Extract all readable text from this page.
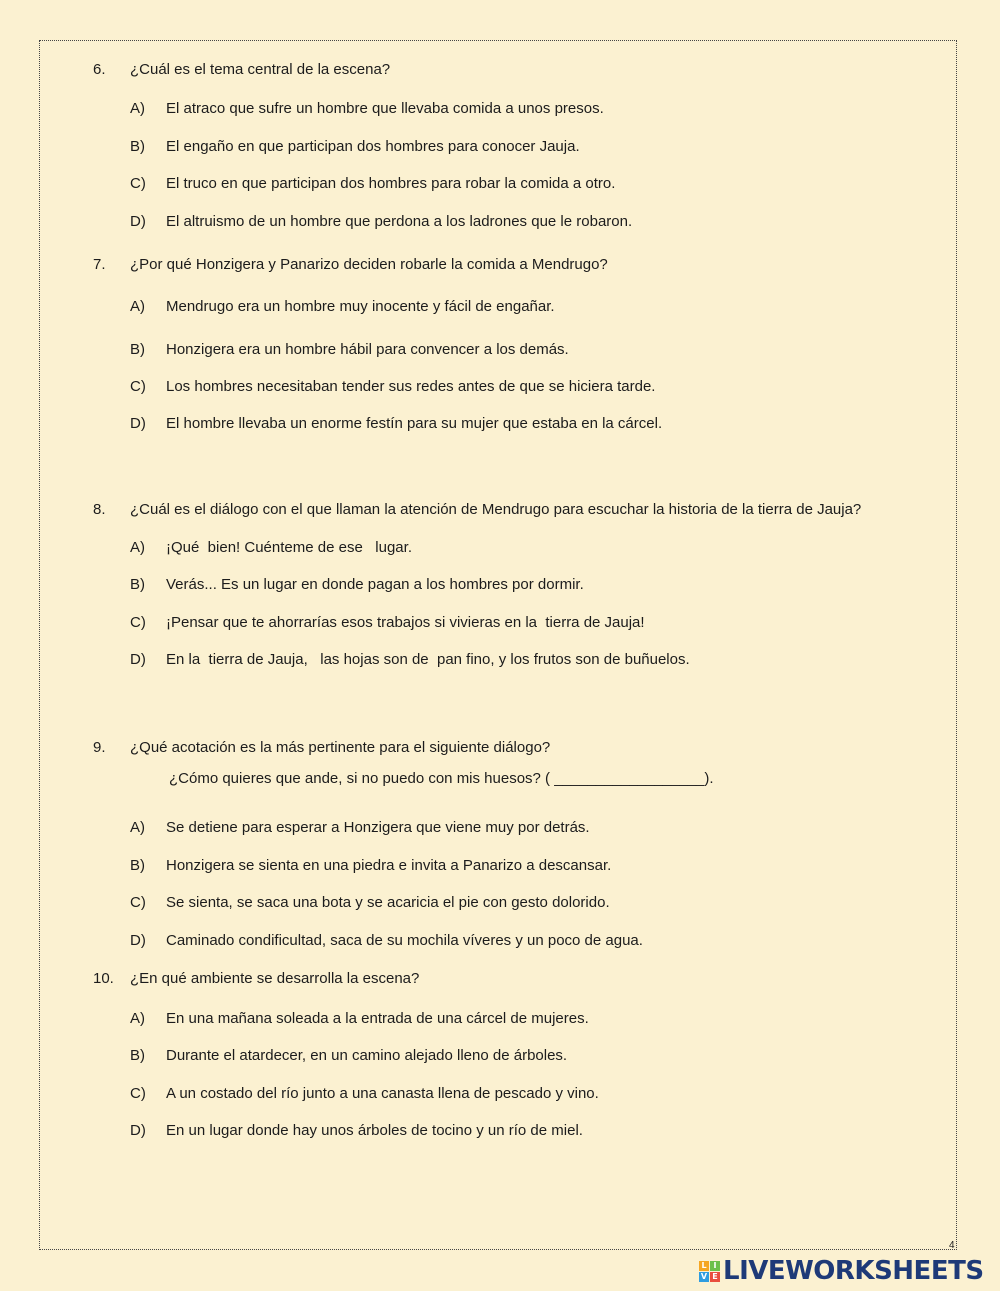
6. ¿Cuál es el tema central de la escena?
A) El atraco que sufre un hombre que llevaba comida a unos presos.
B) El engaño en que participan dos hombres para conocer Jauja.
C) El truco en que participan dos hombres para robar la comida a otro.
D) El altruismo de un hombre que perdona a los ladrones que le robaron.
7. ¿Por qué Honzigera y Panarizo deciden robarle la comida a Mendrugo?
A) Mendrugo era un hombre muy inocente y fácil de engañar.
B) Honzigera era un hombre hábil para convencer a los demás.
C) Los hombres necesitaban tender sus redes antes de que se hiciera tarde.
D) El hombre llevaba un enorme festín para su mujer que estaba en la cárcel.
8. ¿Cuál es el diálogo con el que llaman la atención de Mendrugo para escuchar la historia de la tierra de Jauja?
A) ¡Qué  bien! Cuénteme de ese   lugar.
B) Verás... Es un lugar en donde pagan a los hombres por dormir.
C) ¡Pensar que te ahorrarías esos trabajos si vivieras en la  tierra de Jauja!
D) En la  tierra de Jauja,   las hojas son de  pan fino, y los frutos son de buñuelos.
9. ¿Qué acotación es la más pertinente para el siguiente diálogo?
¿Cómo quieres que ande, si no puedo con mis huesos? ( __________________).
A) Se detiene para esperar a Honzigera que viene muy por detrás.
B) Honzigera se sienta en una piedra e invita a Panarizo a descansar.
C) Se sienta, se saca una bota y se acaricia el pie con gesto dolorido.
D) Caminado condificultad, saca de su mochila víveres y un poco de agua.
10. ¿En qué ambiente se desarrolla la escena?
A) En una mañana soleada a la entrada de una cárcel de mujeres.
B) Durante el atardecer, en un camino alejado lleno de árboles.
C) A un costado del río junto a una canasta llena de pescado y vino.
D) En un lugar donde hay unos árboles de tocino y un río de miel.
4
L I
V E LIVEWORKSHEETS
